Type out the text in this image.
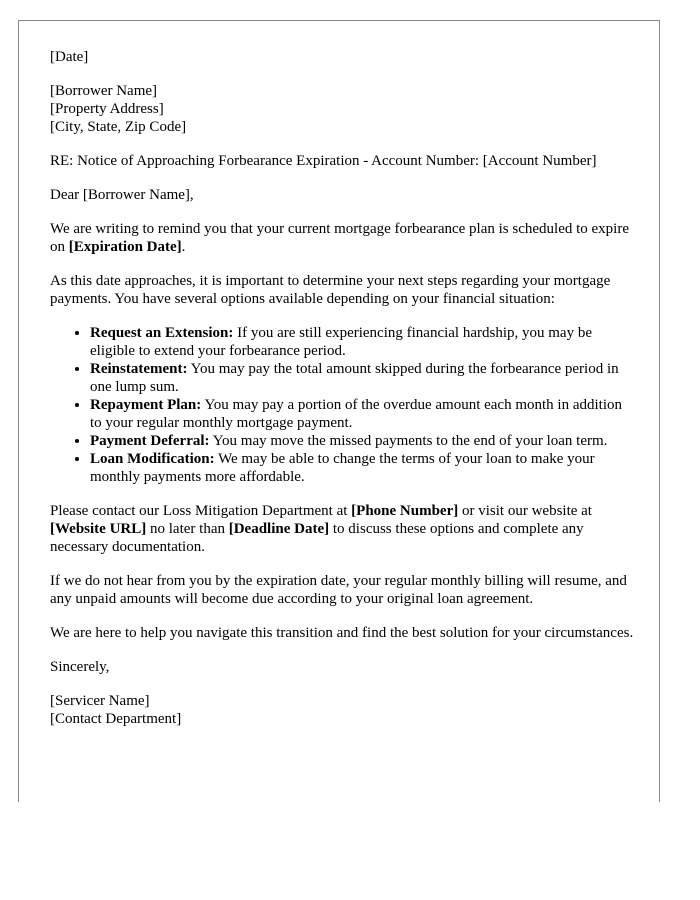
[Date]
[Borrower Name]
[Property Address]
[City, State, Zip Code]
RE: Notice of Approaching Forbearance Expiration - Account Number: [Account Number]
Dear [Borrower Name],

We are writing to remind you that your current mortgage forbearance plan is scheduled to expire on [Expiration Date].

As this date approaches, it is important to determine your next steps regarding your mortgage payments. You have several options available depending on your financial situation:

• Request an Extension: If you are still experiencing financial hardship, you may be eligible to extend your forbearance period.
• Reinstatement: You may pay the total amount skipped during the forbearance period in one lump sum.
• Repayment Plan: You may pay a portion of the overdue amount each month in addition to your regular monthly mortgage payment.
• Payment Deferral: You may move the missed payments to the end of your loan term.
• Loan Modification: We may be able to change the terms of your loan to make your monthly payments more affordable.

Please contact our Loss Mitigation Department at [Phone Number] or visit our website at [Website URL] no later than [Deadline Date] to discuss these options and complete any necessary documentation.

If we do not hear from you by the expiration date, your regular monthly billing will resume, and any unpaid amounts will become due according to your original loan agreement.

We are here to help you navigate this transition and find the best solution for your circumstances.

Sincerely,
[Servicer Name]
[Contact Department]
